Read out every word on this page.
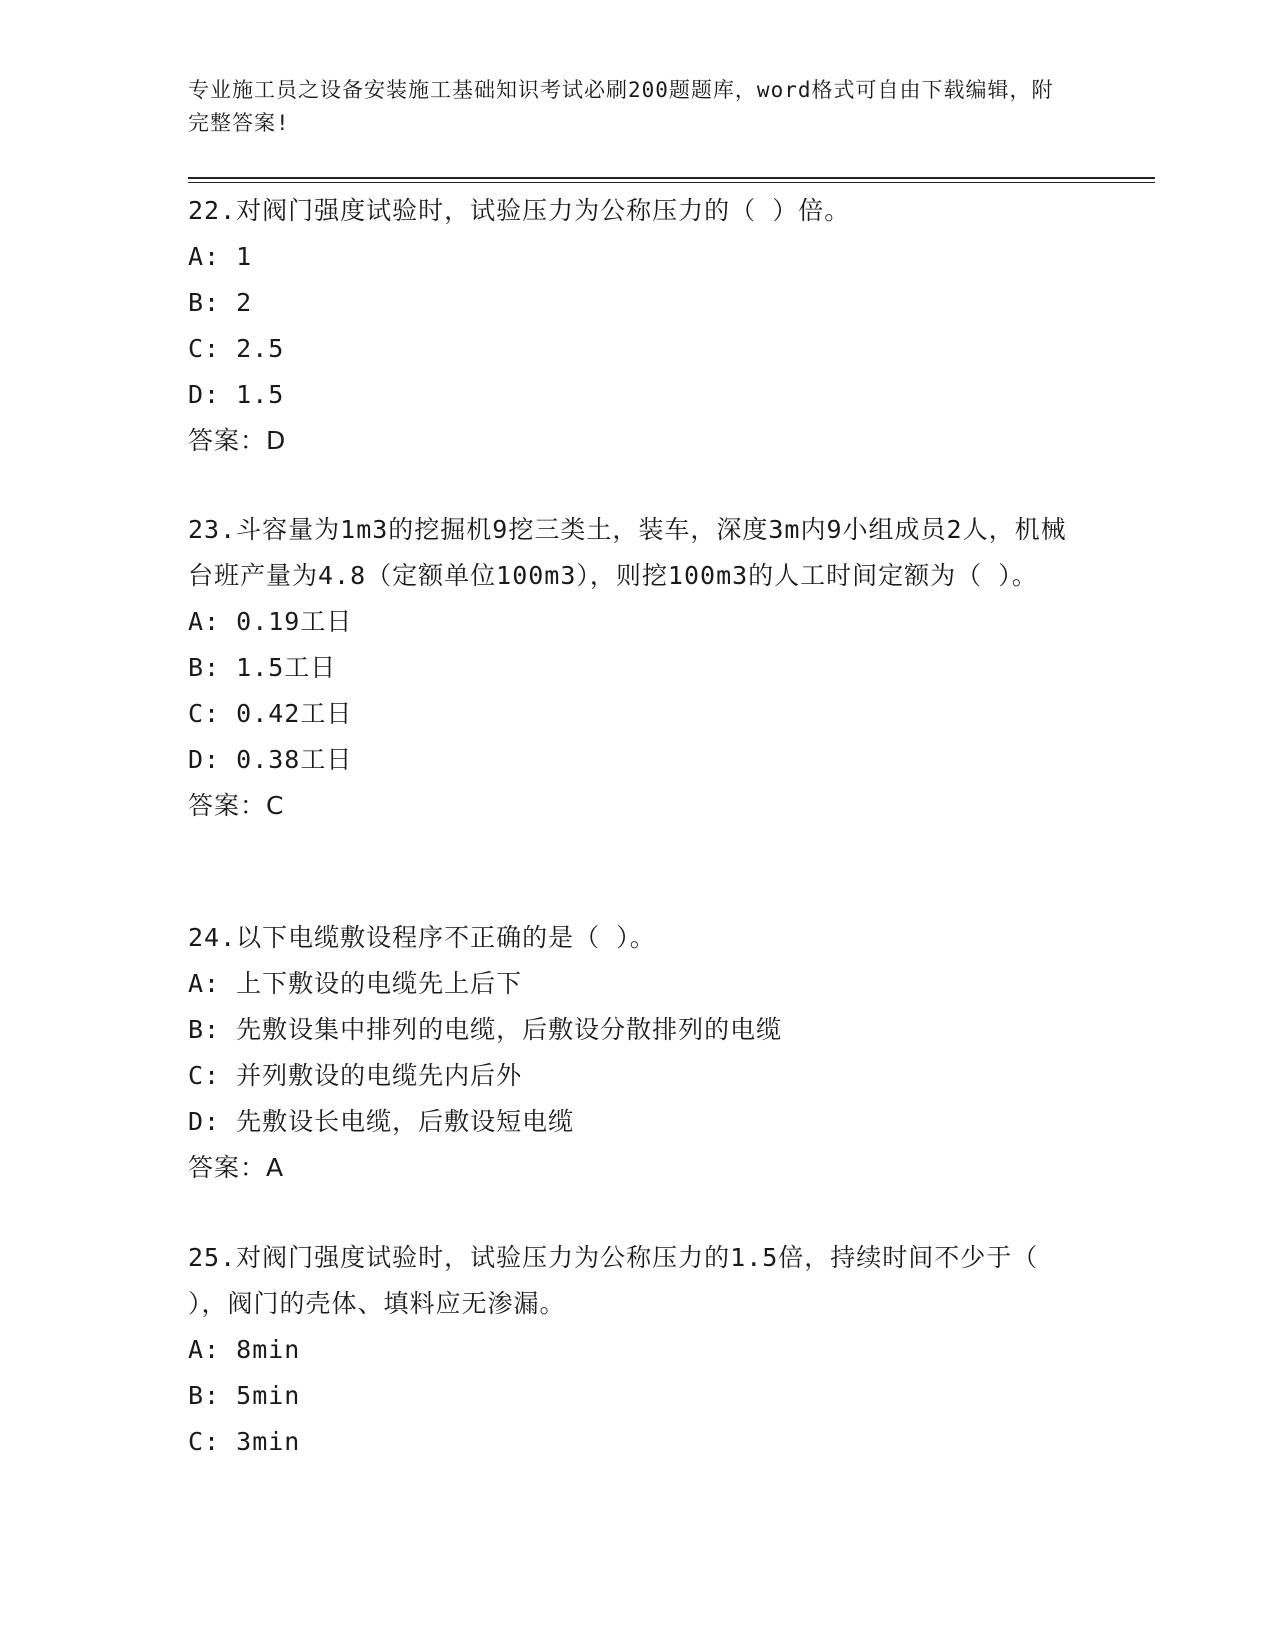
专业施工员之设备安装施工基础知识考试必刷200题题库，word格式可自由下载编辑，附完整答案!
22.对阀门强度试验时，试验压力为公称压力的（ ）倍。
A: 1
B: 2
C: 2.5
D: 1.5
答案：D
23.斗容量为1m3的挖掘机9挖三类土，装车，深度3m内9小组成员2人，机械台班产量为4.8（定额单位100m3），则挖100m3的人工时间定额为（ ）。
A: 0.19工日
B: 1.5工日
C: 0.42工日
D: 0.38工日
答案：C
24.以下电缆敷设程序不正确的是（ ）。
A: 上下敷设的电缆先上后下
B: 先敷设集中排列的电缆，后敷设分散排列的电缆
C: 并列敷设的电缆先内后外
D: 先敷设长电缆，后敷设短电缆
答案：A
25.对阀门强度试验时，试验压力为公称压力的1.5倍，持续时间不少于（ ），阀门的壳体、填料应无渗漏。
A: 8min
B: 5min
C: 3min
